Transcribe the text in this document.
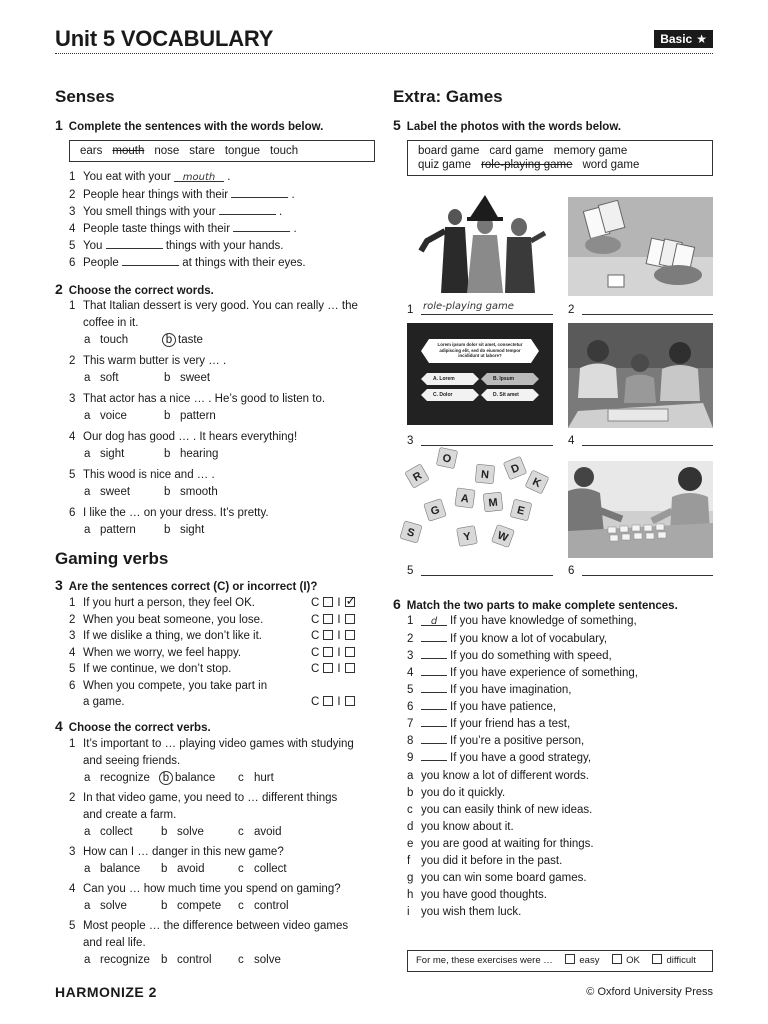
Unit 5 VOCABULARY	Basic ★
Senses
1 Complete the sentences with the words below.
ears mouth nose stare tongue touch
1 You eat with your mouth .
2 People hear things with their	.
3 You smell things with your	.
4 People taste things with their	.
5 You	things with your hands.
6 People	at things with their eyes.
2 Choose the correct words.
1 That Italian dessert is very good. You can really … the
coffee in it.
a touch	b taste
2 This warm butter is very … .
a soft	b sweet
3 That actor has a nice … . He’s good to listen to.
a voice	b pattern
4 Our dog has good … . It hears everything!
a sight	b hearing
5 This wood is nice and … .
a sweet	b smooth
6 I like the … on your dress. It’s pretty.
a pattern b sight
Gaming verbs
3 Are the sentences correct (C) or incorrect (I)?
1 If you hurt a person, they feel OK.	C I ✓
2 When you beat someone, you lose.	C I
3 If we dislike a thing, we don’t like it.	C I
4 When we worry, we feel happy.	C I
5 If we continue, we don’t stop.	C I
6 When you compete, you take part in
a game.	C I
4 Choose the correct verbs.
1 It’s important to … playing video games with studying
and seeing friends.
a recognize b balance c hurt
2 In that video game, you need to … different things
and create a farm.
a collect b solve	c avoid
3 How can I … danger in this new game?
a balance b avoid	c collect
4 Can you … how much time you spend on gaming?
a solve	b compete c control
5 Most people … the difference between video games
and real life.
a recognize b control c solve
Extra: Games
5 Label the photos with the words below.
board game card game memory game
quiz game role-playing game word game
Lorem ipsum dolor sit amet, consectetur adipiscing elit, sed do eiusmod tempor incididunt ut labore?
A. Lorem	B. Ipsum
C. Dolor	D. Sit amet
G
A M
E
Y W
R
O
D
K
N
S
1 role-playing game	2
3	4
5	6
6 Match the two parts to make complete sentences.
1 d If you have knowledge of something,
2	If you know a lot of vocabulary,
3	If you do something with speed,
4	If you have experience of something,
5	If you have imagination,
6	If you have patience,
7	If your friend has a test,
8	If you’re a positive person,
9	If you have a good strategy,
a you know a lot of different words.
b you do it quickly.
c you can easily think of new ideas.
d you know about it.
e you are good at waiting for things.
f you did it before in the past.
g you can win some board games.
h you have good thoughts.
i you wish them luck.
For me, these exercises were …	easy	OK	difficult
HARMONIZE 2	© Oxford University Press
